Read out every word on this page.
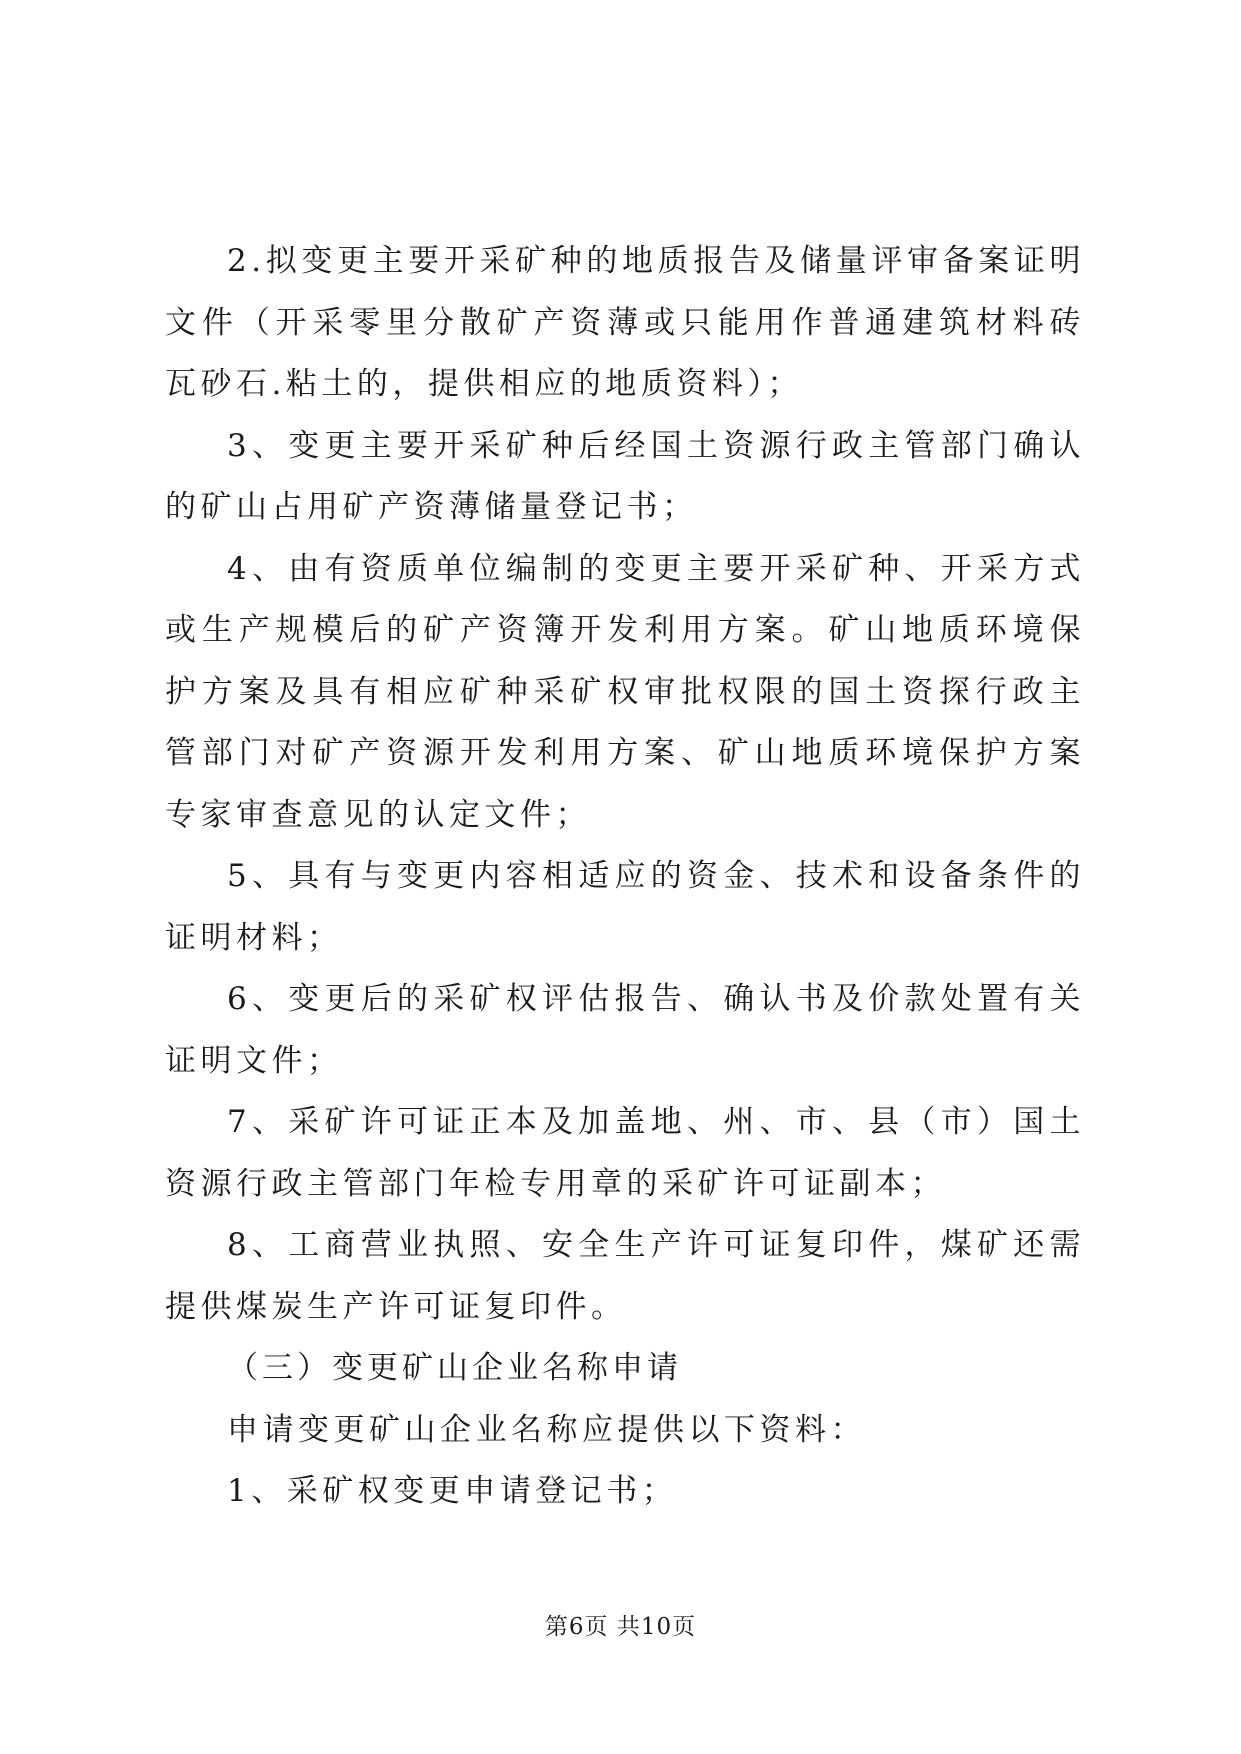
2.拟变更主要开采矿种的地质报告及储量评审备案证明文件（开采零里分散矿产资薄或只能用作普通建筑材料砖瓦砂石.粘土的，提供相应的地质资料）；

3、变更主要开采矿种后经国土资源行政主管部门确认的矿山占用矿产资薄储量登记书；

4、由有资质单位编制的变更主要开采矿种、开采方式或生产规模后的矿产资簿开发利用方案。矿山地质环境保护方案及具有相应矿种采矿权审批权限的国土资探行政主管部门对矿产资源开发利用方案、矿山地质环境保护方案专家审查意见的认定文件；

5、具有与变更内容相适应的资金、技术和设备条件的证明材料；

6、变更后的采矿权评估报告、确认书及价款处置有关证明文件；

7、采矿许可证正本及加盖地、州、市、县（市）国土资源行政主管部门年检专用章的采矿许可证副本；

8、工商营业执照、安全生产许可证复印件，煤矿还需提供煤炭生产许可证复印件。

（三）变更矿山企业名称申请

申请变更矿山企业名称应提供以下资料：

1、采矿权变更申请登记书；

第6页 共10页
